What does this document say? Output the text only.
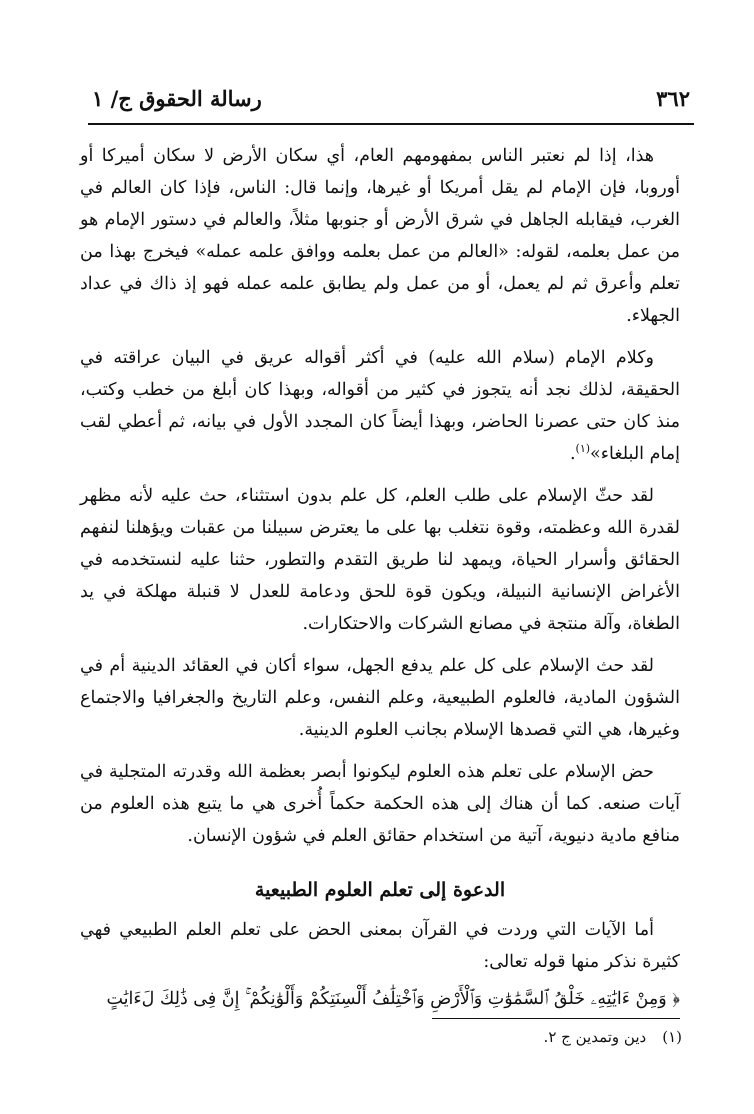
٣٦٢
رسالة الحقوق ج/ ١

هذا، إذا لم نعتبر الناس بمفهومهم العام، أي سكان الأرض لا سكان أميركا أو أوروبا، فإن الإمام لم يقل أمريكا أو غيرها، وإنما قال: الناس، فإذا كان العالم في الغرب، فيقابله الجاهل في شرق الأرض أو جنوبها مثلاً، والعالم في دستور الإمام هو من عمل بعلمه، لقوله: «العالم من عمل بعلمه ووافق علمه عمله» فيخرج بهذا من تعلم وأعرق ثم لم يعمل، أو من عمل ولم يطابق علمه عمله فهو إذ ذاك في عداد الجهلاء.

وكلام الإمام (سلام الله عليه) في أكثر أقواله عريق في البيان عراقته في الحقيقة، لذلك نجد أنه يتجوز في كثير من أقواله، وبهذا كان أبلغ من خطب وكتب، منذ كان حتى عصرنا الحاضر، وبهذا أيضاً كان المجدد الأول في بيانه، ثم أعطي لقب إمام البلغاء»$^{(١)}$.

لقد حثّ الإسلام على طلب العلم، كل علم بدون استثناء، حث عليه لأنه مظهر لقدرة الله وعظمته، وقوة نتغلب بها على ما يعترض سبيلنا من عقبات ويؤهلنا لنفهم الحقائق وأسرار الحياة، ويمهد لنا طريق التقدم والتطور، حثنا عليه لنستخدمه في الأغراض الإنسانية النبيلة، ويكون قوة للحق ودعامة للعدل لا قنبلة مهلكة في يد الطغاة، وآلة منتجة في مصانع الشركات والاحتكارات.

لقد حث الإسلام على كل علم يدفع الجهل، سواء أكان في العقائد الدينية أم في الشؤون المادية، فالعلوم الطبيعية، وعلم النفس، وعلم التاريخ والجغرافيا والاجتماع وغيرها، هي التي قصدها الإسلام بجانب العلوم الدينية.

حض الإسلام على تعلم هذه العلوم ليكونوا أبصر بعظمة الله وقدرته المتجلية في آيات صنعه. كما أن هناك إلى هذه الحكمة حكماً أُخرى هي ما يتبع هذه العلوم من منافع مادية دنيوية، آتية من استخدام حقائق العلم في شؤون الإنسان.

الدعوة إلى تعلم العلوم الطبيعية

أما الآيات التي وردت في القرآن بمعنى الحض على تعلم العلم الطبيعي فهي كثيرة نذكر منها قوله تعالى:

﴿ وَمِنْ ءَايَٰتِهِۦ خَلْقُ ٱلسَّمَٰوَٰتِ وَٱلْأَرْضِ وَٱخْتِلَٰفُ أَلْسِنَتِكُمْ وَأَلْوَٰنِكُمْ ۚ إِنَّ فِى ذَٰلِكَ لَءَايَٰتٍ
(١)دين وتمدين ج ٢.
